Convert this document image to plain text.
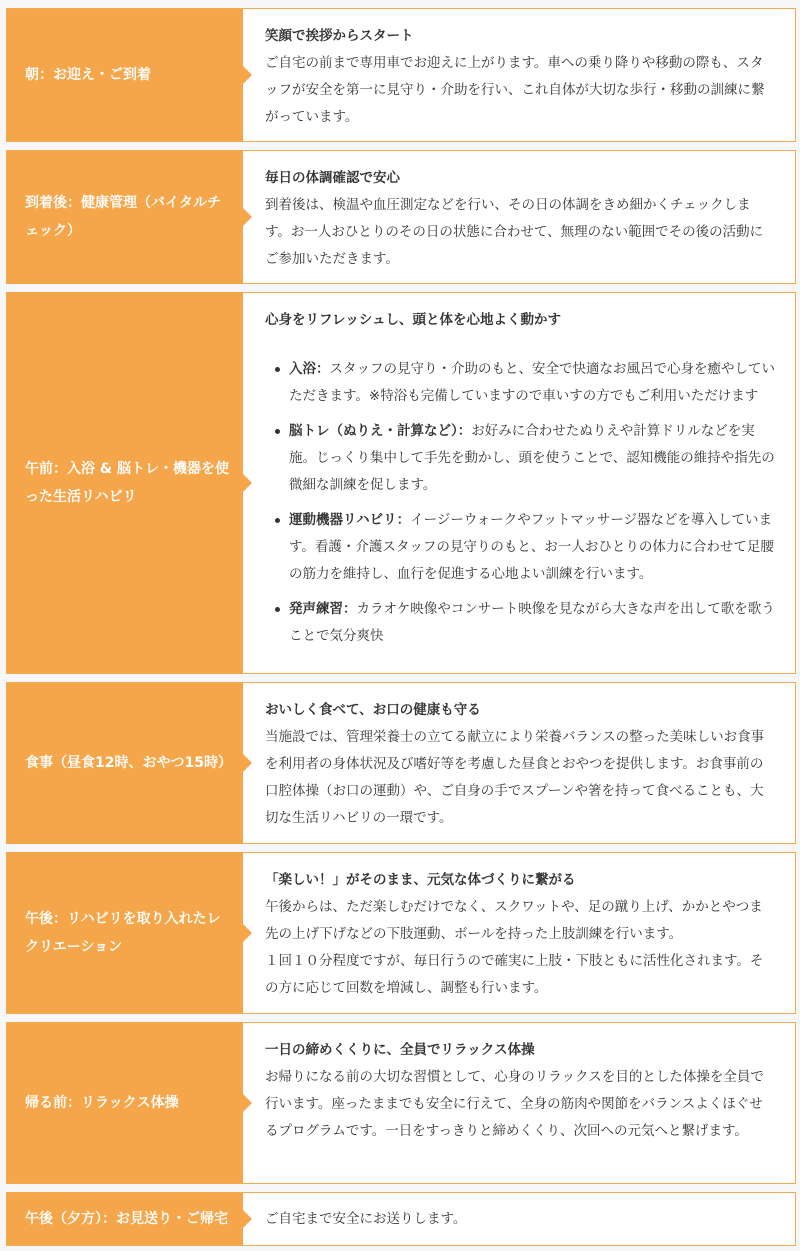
朝：お迎え・ご到着

笑顔で挨拶からスタート

ご自宅の前まで専用車でお迎えに上がります。車への乗り降りや移動の際も、スタッフが安全を第一に見守り・介助を行い、これ自体が大切な歩行・移動の訓練に繋がっています。

到着後：健康管理（バイタルチェック）

毎日の体調確認で安心

到着後は、検温や血圧測定などを行い、その日の体調をきめ細かくチェックします。お一人おひとりのその日の状態に合わせて、無理のない範囲でその後の活動にご参加いただきます。

午前：入浴 & 脳トレ・機器を使った生活リハビリ

心身をリフレッシュし、頭と体を心地よく動かす

入浴：スタッフの見守り・介助のもと、安全で快適なお風呂で心身を癒やしていただきます。※特浴も完備していますので車いすの方でもご利用いただけます
脳トレ（ぬりえ・計算など）：お好みに合わせたぬりえや計算ドリルなどを実施。じっくり集中して手先を動かし、頭を使うことで、認知機能の維持や指先の微細な訓練を促します。
運動機器リハビリ：イージーウォークやフットマッサージ器などを導入しています。看護・介護スタッフの見守りのもと、お一人おひとりの体力に合わせて足腰の筋力を維持し、血行を促進する心地よい訓練を行います。
発声練習：カラオケ映像やコンサート映像を見ながら大きな声を出して歌を歌うことで気分爽快
食事（昼食12時、おやつ15時）

おいしく食べて、お口の健康も守る

当施設では、管理栄養士の立てる献立により栄養バランスの整った美味しいお食事を利用者の身体状況及び嗜好等を考慮した昼食とおやつを提供します。お食事前の口腔体操（お口の運動）や、ご自身の手でスプーンや箸を持って食べることも、大切な生活リハビリの一環です。

午後：リハビリを取り入れたレクリエーション

「楽しい！」がそのまま、元気な体づくりに繋がる

午後からは、ただ楽しむだけでなく、スクワットや、足の蹴り上げ、かかとやつま先の上げ下げなどの下肢運動、ボールを持った上肢訓練を行います。

１回１０分程度ですが、毎日行うので確実に上肢・下肢ともに活性化されます。その方に応じて回数を増減し、調整も行います。

帰る前：リラックス体操

一日の締めくくりに、全員でリラックス体操

お帰りになる前の大切な習慣として、心身のリラックスを目的とした体操を全員で行います。座ったままでも安全に行えて、全身の筋肉や関節をバランスよくほぐせるプログラムです。一日をすっきりと締めくくり、次回への元気へと繋げます。

午後（夕方）：お見送り・ご帰宅	ご自宅まで安全にお送りします。
